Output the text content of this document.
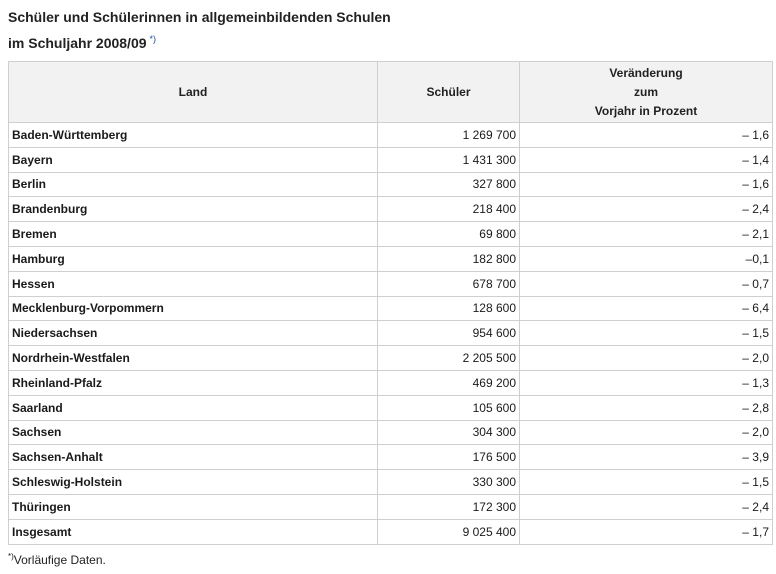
Schüler und Schülerinnen in allgemeinbildenden Schulen
im Schuljahr 2008/09 *)
Land	Schüler	Veränderung
zum
Vorjahr in Prozent

Baden-Württemberg	1 269 700	– 1,6
Bayern	1 431 300	– 1,4
Berlin	327 800	– 1,6
Brandenburg	218 400	– 2,4
Bremen	69 800	– 2,1
Hamburg	182 800	–0,1
Hessen	678 700	– 0,7
Mecklenburg-Vorpommern	128 600	– 6,4
Niedersachsen	954 600	– 1,5
Nordrhein-Westfalen	2 205 500	– 2,0
Rheinland-Pfalz	469 200	– 1,3
Saarland	105 600	– 2,8
Sachsen	304 300	– 2,0
Sachsen-Anhalt	176 500	– 3,9
Schleswig-Holstein	330 300	– 1,5
Thüringen	172 300	– 2,4
Insgesamt	9 025 400	– 1,7
*)Vorläufige Daten.
